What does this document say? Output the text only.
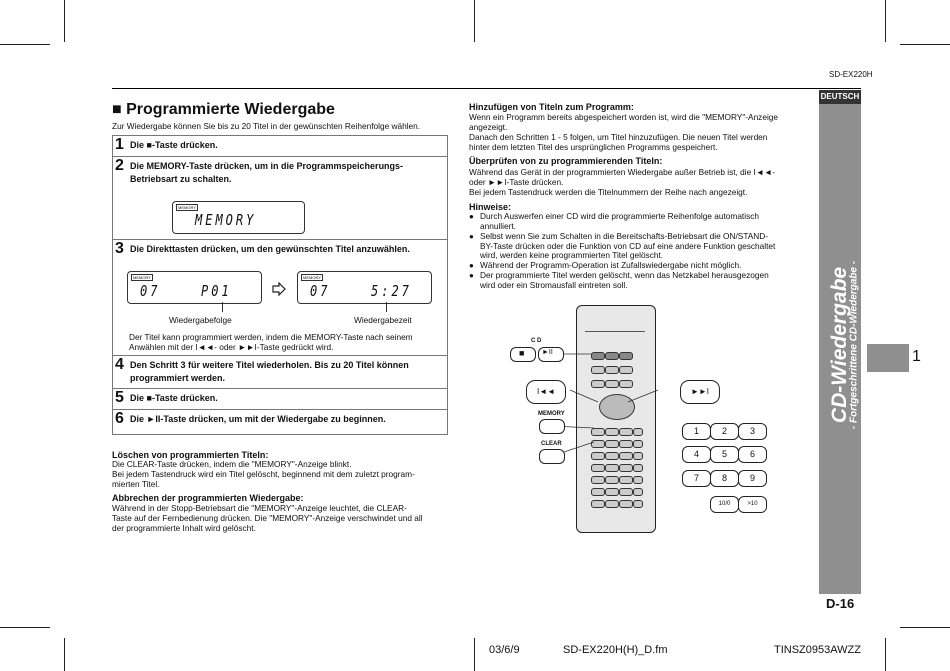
SD-EX220H
DEUTSCH
CD-Wiedergabe
- Fortgeschrittene CD-Wiedergabe -	1
D-16
03/6/9	SD-EX220H(H)_D.fm	TINSZ0953AWZZ
■ Programmierte Wiedergabe
Zur Wiedergabe können Sie bis zu 20 Titel in der gewünschten Reihenfolge wählen.
1 Die ■-Taste drücken.
2 Die MEMORY-Taste drücken, um in die Programmspeicherungs-Betriebsart zu schalten.
MEMORY
MEMORY
3 Die Direkttasten drücken, um den gewünschten Titel anzuwählen.
MEMORY
07	P01
MEMORY
07	5:27
Wiedergabefolge	Wiedergabezeit
Der Titel kann programmiert werden, indem die MEMORY-Taste nach seinem
Anwählen mit der I◄◄- oder ►►I-Taste gedrückt wird.
4 Den Schritt 3 für weitere Titel wiederholen. Bis zu 20 Titel können programmiert werden.
5 Die ■-Taste drücken.
6 Die ►II-Taste drücken, um mit der Wiedergabe zu beginnen.
Löschen von programmierten Titeln:
Die CLEAR-Taste drücken, indem die "MEMORY"-Anzeige blinkt.
Bei jedem Tastendruck wird ein Titel gelöscht, beginnend mit dem zuletzt program-
mierten Titel.
Abbrechen der programmierten Wiedergabe:
Während in der Stopp-Betriebsart die "MEMORY"-Anzeige leuchtet, die CLEAR-
Taste auf der Fernbedienung drücken. Die "MEMORY"-Anzeige verschwindet und all
der programmierte Inhalt wird gelöscht.
Hinzufügen von Titeln zum Programm:
Wenn ein Programm bereits abgespeichert worden ist, wird die "MEMORY"-Anzeige
angezeigt.
Danach den Schritten 1 - 5 folgen, um Titel hinzuzufügen. Die neuen Titel werden
hinter dem letzten Titel des ursprünglichen Programms gespeichert.
Überprüfen von zu programmierenden Titeln:
Während das Gerät in der programmierten Wiedergabe außer Betrieb ist, die I◄◄-
oder ►►I-Taste drücken.
Bei jedem Tastendruck werden die Titelnummern der Reihe nach angezeigt.
Hinweise:
● Durch Auswerfen einer CD wird die programmierte Reihenfolge automatisch
annulliert.
● Selbst wenn Sie zum Schalten in die Bereitschafts-Betriebsart die ON/STAND-
BY-Taste drücken oder die Funktion von CD auf eine andere Funktion geschaltet
wird, werden keine programmierten Titel gelöscht.
● Während der Programm-Operation ist Zufallswiedergabe nicht möglich.
● Der programmierte Titel werden gelöscht, wenn das Netzkabel herausgezogen
wird oder ein Stromausfall eintreten soll.
C D
■	►II
I◄◄	►►I
MEMORY
CLEAR
1	2	3
4	5	6
7	8	9
10/0	>10
